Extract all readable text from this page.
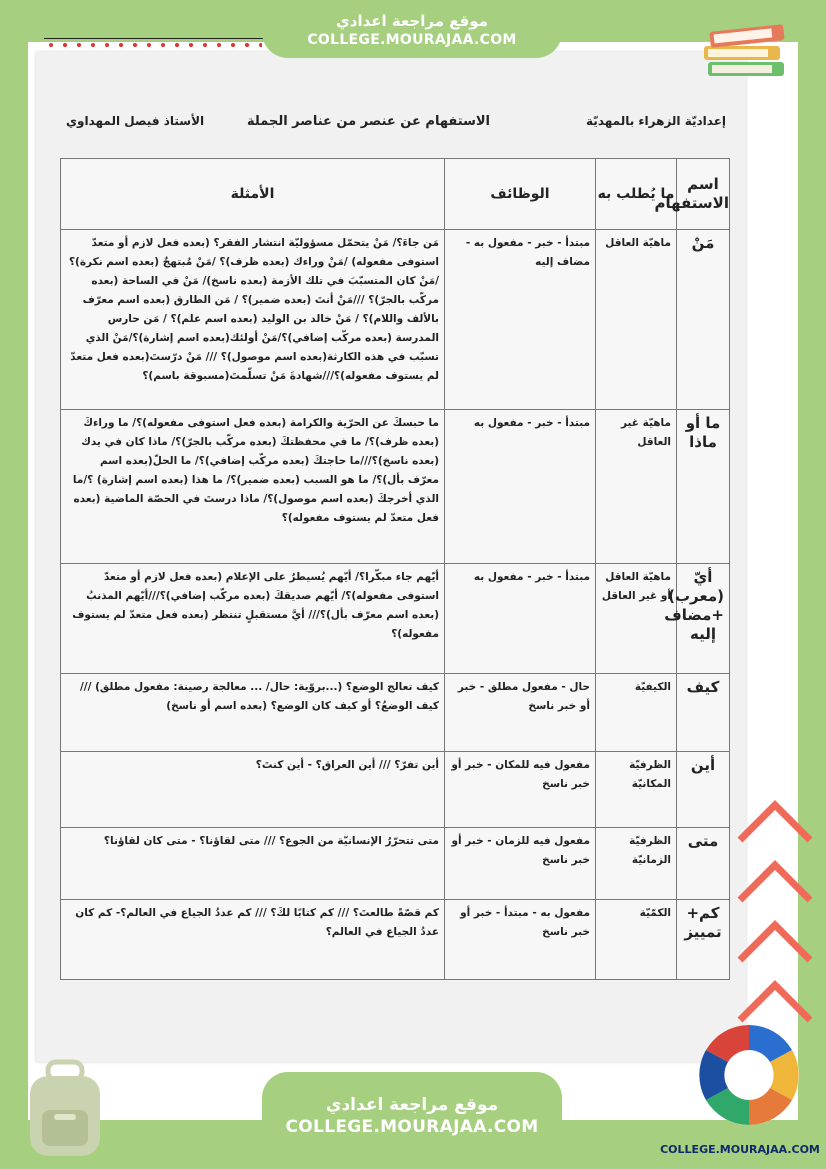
موقع مراجعة اعدادي
COLLEGE.MOURAJAA.COM
إعداديّة الزهراء بالمهديّة
الاستفهام عن عنصر من عناصر الجملة
الأستاذ فيصل المهداوي
اسم الاستفهام	ما يُطلب به	الوظائف	الأمثلة
مَنْ	ماهيّة العاقل	مبتدأ - خبر - مفعول به - مضاف إليه	مَن جاءَ؟/ مَنْ يتحمّل مسؤوليّة انتشار الفقر؟ (بعده فعل لازم أو متعدّ استوفى مفعوله) /مَنْ وراءك (بعده ظرف)؟ /مَنْ مُبتهجٌ (بعده اسم نكرة)؟ /مَنْ كان المتسبّبَ في تلك الأزمة (بعده ناسخ)/ مَنْ في الساحة (بعده مركّب بالجرّ)؟ ///مَنْ أنتَ (بعده ضمير)؟ / مَن الطارق (بعده اسم معرّف بالألف واللام)؟ / مَنْ خالد بن الوليد (بعده اسم علم)؟ / مَن حارس المدرسة (بعده مركّب إضافي)؟/مَنْ أولئك(بعده اسم إشارة)؟/مَنْ الذي تسبّب في هذه الكارثة(بعده اسم موصول)؟ /// مَنْ درّستَ(بعده فعل متعدّ لم يستوف مفعوله)؟///شهادةَ مَنْ تسلّمتَ(مسبوقة باسم)؟
ما أو ماذا	ماهيّة غير العاقل	مبتدأ - خبر - مفعول به	ما حبسكَ عن الحرّية والكرامة (بعده فعل استوفى مفعوله)؟/ ما وراءكَ (بعده ظرف)؟/ ما في محفظتكَ (بعده مركّب بالجرّ)؟/ ماذا كان في يدك (بعده ناسخ)؟///ما حاجتكَ (بعده مركّب إضافي)؟/ ما الحلّ(بعده اسم معرّف بأل)؟/ ما هو السبب (بعده ضمير)؟/ ما هذا (بعده اسم إشارة) ؟/ما الذي أخرجكَ (بعده اسم موصول)؟/ ماذا درستَ في الحصّة الماضية (بعده فعل متعدّ لم يستوف مفعوله)؟
أيّ (معرب) +مضاف إليه	ماهيّة العاقل أو غير العاقل	مبتدأ - خبر - مفعول به	أيّهم جاء مبكّرا؟/ أيّهم يُسيطرُ على الإعلام (بعده فعل لازم أو متعدّ استوفى مفعوله)؟/ أيّهم صديقكَ (بعده مركّب إضافي)؟///أيّهم المذنبُ (بعده اسم معرّف بأل)؟/// أيَّ مستقبلٍ تنتظر (بعده فعل متعدّ لم يستوف مفعوله)؟
كيف	الكيفيّة	حال - مفعول مطلق - خبر أو خبر ناسخ	كيف تعالج الوضع؟ (...بروّية: حال/ ... معالجة رصينة: مفعول مطلق) ///كيف الوضعُ؟ أو كيف كان الوضع؟ (بعده اسم أو ناسخ)
أين	الظرفيّة المكانيّة	مفعول فيه للمكان - خبر أو خبر ناسخ	أين تفرّ؟ /// أين العراق؟ - أين كنتَ؟
متى	الظرفيّة الزمانيّة	مفعول فيه للزمان - خبر أو خبر ناسخ	متى تتحرّرُ الإنسانيّة من الجوع؟ /// متى لقاؤنا؟ - متى كان لقاؤنا؟
كم+ تمييز	الكمّيّة	مفعول به - مبتدأ - خبر أو خبر ناسخ	كم قصّةً طالعتَ؟ /// كم كتابًا لكَ؟ /// كم عددُ الجياع في العالم؟- كم كان عددُ الجياع في العالم؟
موقع مراجعة اعدادي
COLLEGE.MOURAJAA.COM
COLLEGE.MOURAJAA.COM
